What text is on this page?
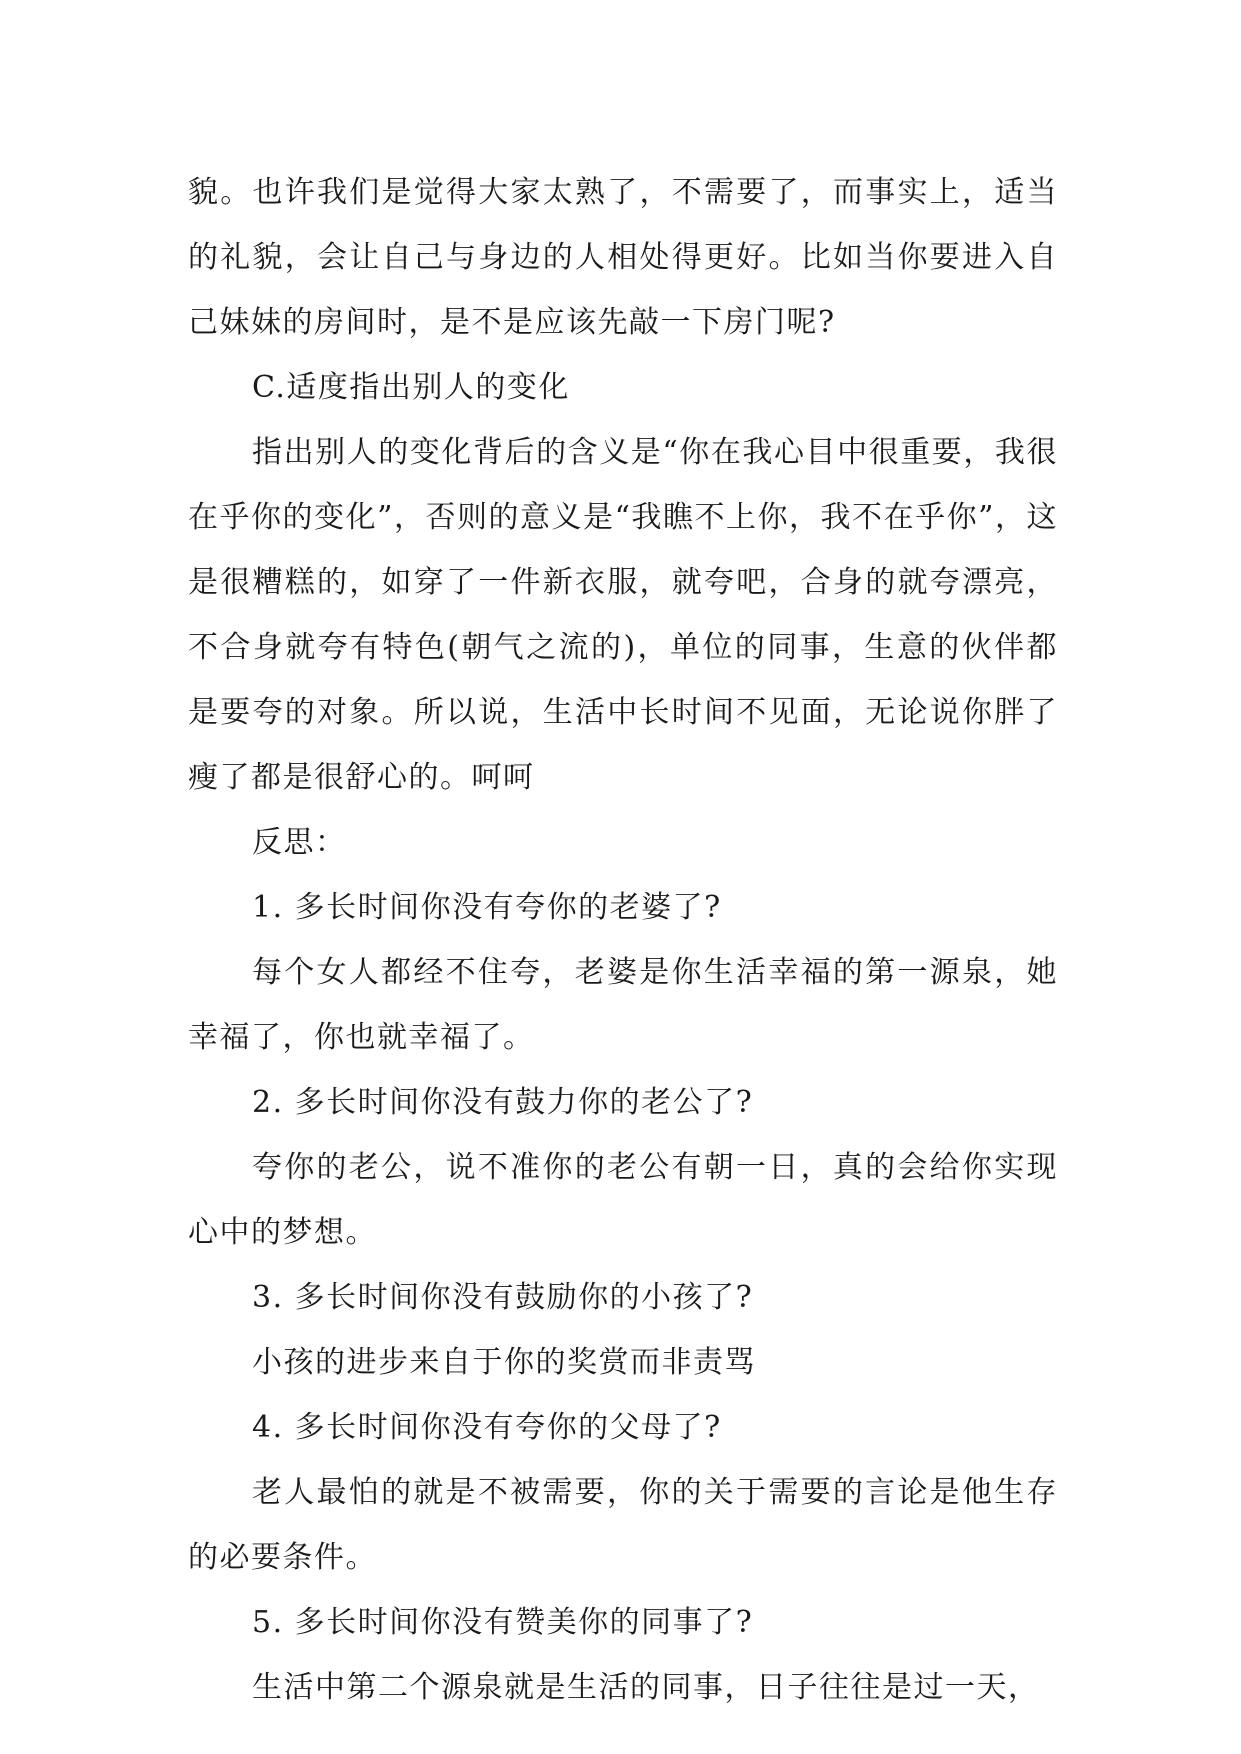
貌。也许我们是觉得大家太熟了，不需要了，而事实上，适当的礼貌，会让自己与身边的人相处得更好。比如当你要进入自己妹妹的房间时，是不是应该先敲一下房门呢?

C.适度指出别人的变化

指出别人的变化背后的含义是“你在我心目中很重要，我很在乎你的变化”，否则的意义是“我瞧不上你，我不在乎你”，这是很糟糕的，如穿了一件新衣服，就夸吧，合身的就夸漂亮，不合身就夸有特色(朝气之流的)，单位的同事，生意的伙伴都是要夸的对象。所以说，生活中长时间不见面，无论说你胖了瘦了都是很舒心的。呵呵

反思：

1. 多长时间你没有夸你的老婆了?

每个女人都经不住夸，老婆是你生活幸福的第一源泉，她幸福了，你也就幸福了。

2. 多长时间你没有鼓力你的老公了?

夸你的老公，说不准你的老公有朝一日，真的会给你实现心中的梦想。

3. 多长时间你没有鼓励你的小孩了?

小孩的进步来自于你的奖赏而非责骂

4. 多长时间你没有夸你的父母了?

老人最怕的就是不被需要，你的关于需要的言论是他生存的必要条件。

5. 多长时间你没有赞美你的同事了?

生活中第二个源泉就是生活的同事，日子往往是过一天，
